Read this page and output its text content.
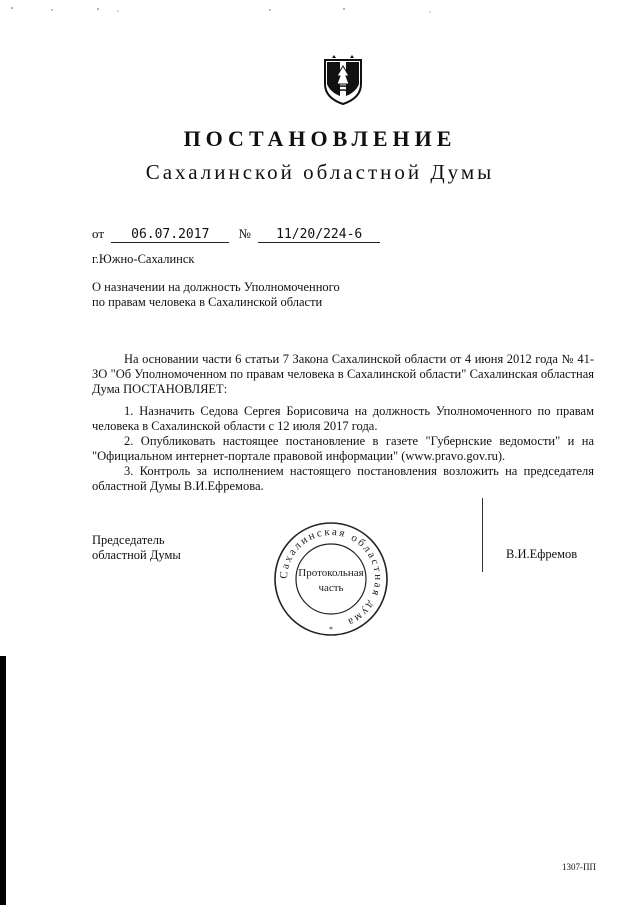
ПОСТАНОВЛЕНИЕ
Сахалинской областной Думы
от 06.07.2017 № 11/20/224-6
г.Южно-Сахалинск
О назначении на должность Уполномоченного
по правам человека в Сахалинской области

На основании части 6 статьи 7 Закона Сахалинской области от 4 июня 2012 года № 41-ЗО "Об Уполномоченном по правам человека в Сахалинской области" Сахалинская областная Дума ПОСТАНОВЛЯЕТ:

1. Назначить Седова Сергея Борисовича на должность Уполномоченного по правам человека в Сахалинской области с 12 июля 2017 года.

2. Опубликовать настоящее постановление в газете "Губернские ведомости" и на "Официальном интернет-портале правовой информации" (www.pravo.gov.ru).

3. Контроль за исполнением настоящего постановления возложить на председателя областной Думы В.И.Ефремова.

Председатель
областной Думы
Сахалинская областная дума
Протокольная
часть
*
В.И.Ефремов
1307-ПП
